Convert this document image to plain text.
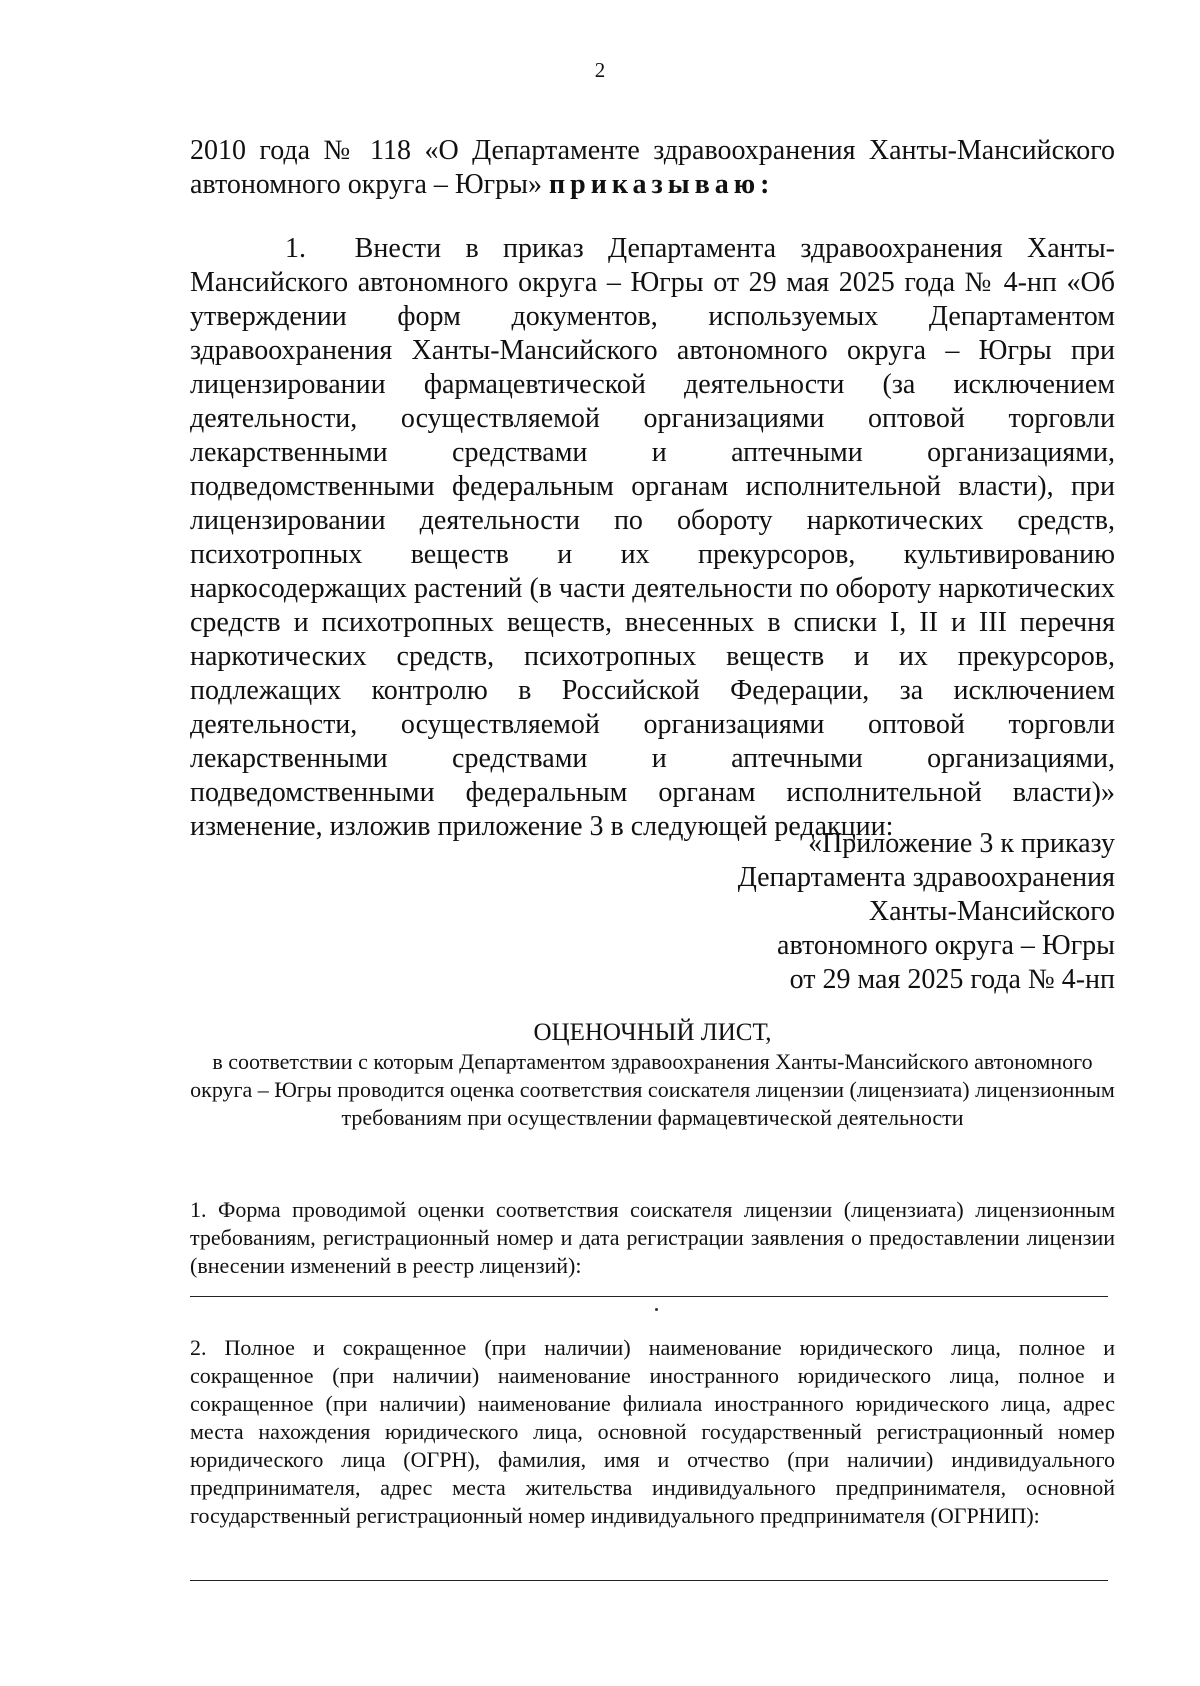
2

2010 года № 118 «О Департаменте здравоохранения Ханты-Мансийского автономного округа – Югры» приказываю:

1.  Внести в приказ Департамента здравоохранения Ханты-Мансийского автономного округа – Югры от 29 мая 2025 года № 4-нп «Об утверждении форм документов, используемых Департаментом здравоохранения Ханты-Мансийского автономного округа – Югры при лицензировании фармацевтической деятельности (за исключением деятельности, осуществляемой организациями оптовой торговли лекарственными средствами и аптечными организациями, подведомственными федеральным органам исполнительной власти), при лицензировании деятельности по обороту наркотических средств, психотропных веществ и их прекурсоров, культивированию наркосодержащих растений (в части деятельности по обороту наркотических средств и психотропных веществ, внесенных в списки I, II и III перечня наркотических средств, психотропных веществ и их прекурсоров, подлежащих контролю в Российской Федерации, за исключением деятельности, осуществляемой организациями оптовой торговли лекарственными средствами и аптечными организациями, подведомственными федеральным органам исполнительной власти)» изменение, изложив приложение 3 в следующей редакции:

«Приложение 3 к приказу
Департамента здравоохранения
Ханты-Мансийского
автономного округа – Югры
от 29 мая 2025 года № 4-нп
ОЦЕНОЧНЫЙ ЛИСТ,
в соответствии с которым Департаментом здравоохранения Ханты-Мансийского автономного округа – Югры проводится оценка соответствия соискателя лицензии (лицензиата) лицензионным требованиям при осуществлении фармацевтической деятельности

1. Форма проводимой оценки соответствия соискателя лицензии (лицензиата) лицензионным требованиям, регистрационный номер и дата регистрации заявления о предоставлении лицензии (внесении изменений в реестр лицензий):

2. Полное и сокращенное (при наличии) наименование юридического лица, полное и сокращенное (при наличии) наименование иностранного юридического лица, полное и сокращенное (при наличии) наименование филиала иностранного юридического лица, адрес места нахождения юридического лица, основной государственный регистрационный номер юридического лица (ОГРН), фамилия, имя и отчество (при наличии) индивидуального предпринимателя, адрес места жительства индивидуального предпринимателя, основной государственный регистрационный номер индивидуального предпринимателя (ОГРНИП):
